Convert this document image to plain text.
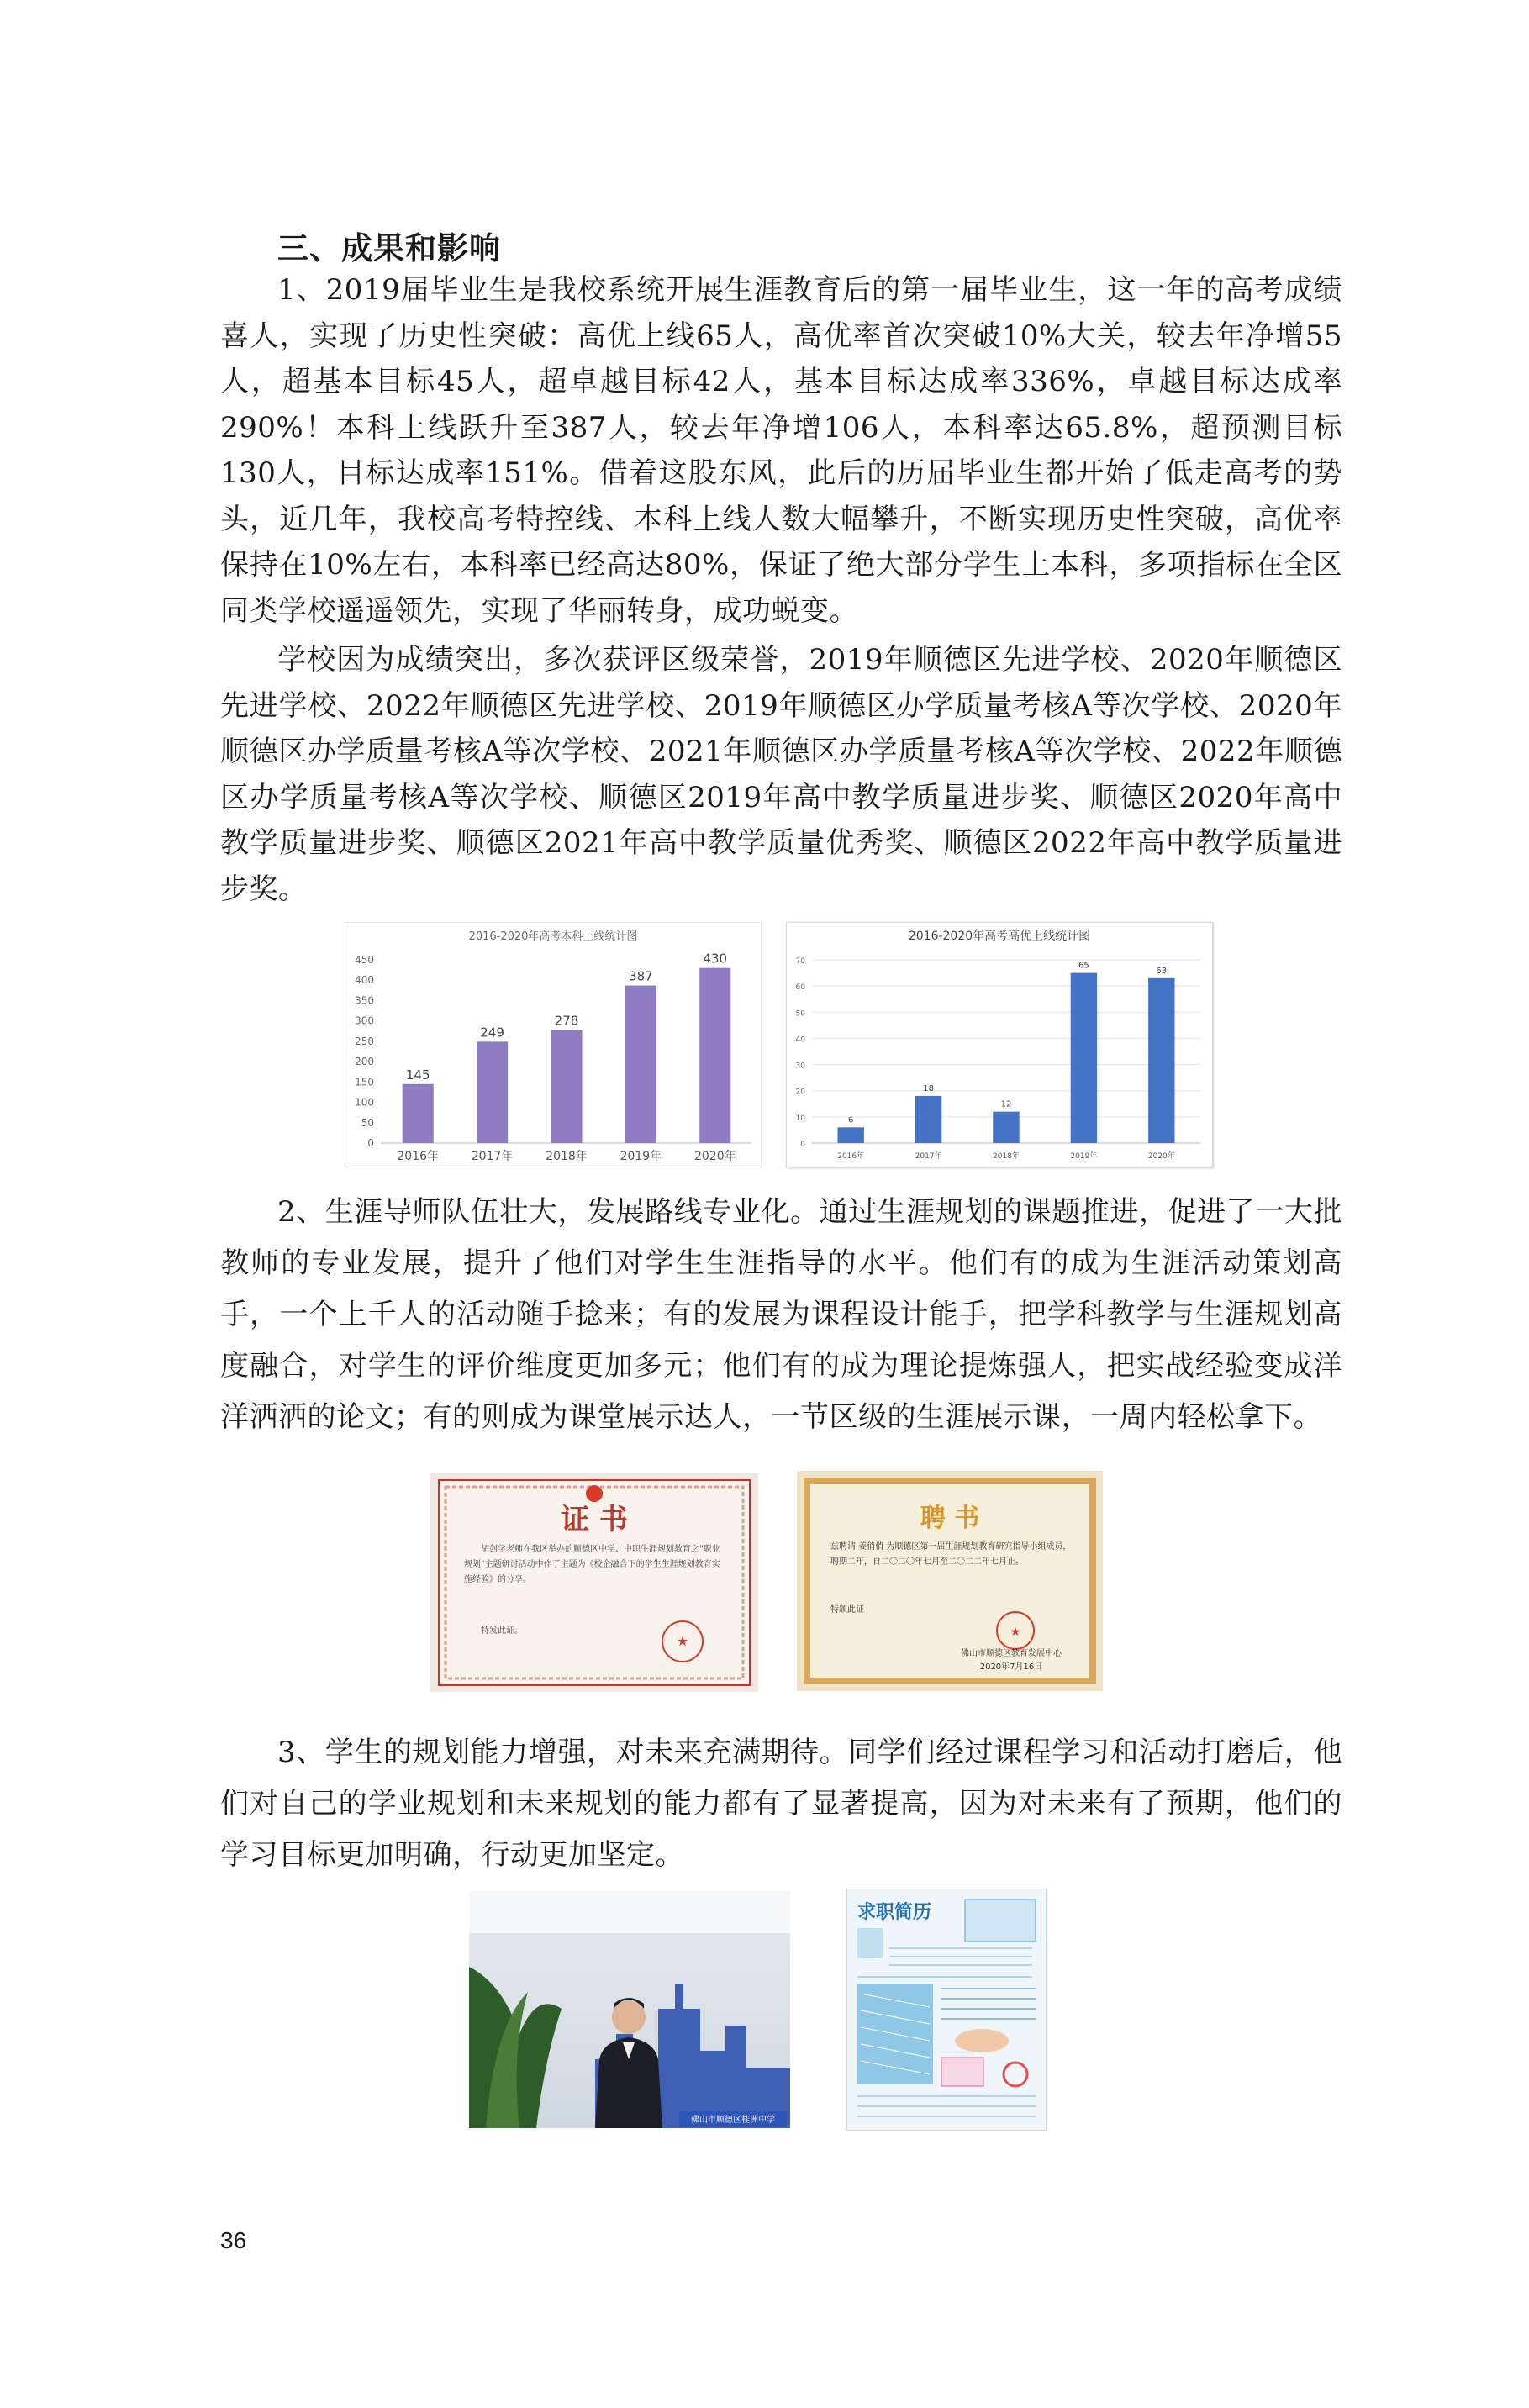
三、成果和影响

1、2019届毕业生是我校系统开展生涯教育后的第一届毕业生，这一年的高考成绩喜人，实现了历史性突破：高优上线65人，高优率首次突破10%大关，较去年净增55人，超基本目标45人，超卓越目标42人，基本目标达成率336%，卓越目标达成率290%！本科上线跃升至387人，较去年净增106人，本科率达65.8%，超预测目标130人，目标达成率151%。借着这股东风，此后的历届毕业生都开始了低走高考的势头，近几年，我校高考特控线、本科上线人数大幅攀升，不断实现历史性突破，高优率保持在10%左右，本科率已经高达80%，保证了绝大部分学生上本科，多项指标在全区同类学校遥遥领先，实现了华丽转身，成功蜕变。

学校因为成绩突出，多次获评区级荣誉，2019年顺德区先进学校、2020年顺德区先进学校、2022年顺德区先进学校、2019年顺德区办学质量考核A等次学校、2020年顺德区办学质量考核A等次学校、2021年顺德区办学质量考核A等次学校、2022年顺德区办学质量考核A等次学校、顺德区2019年高中教学质量进步奖、顺德区2020年高中教学质量进步奖、顺德区2021年高中教学质量优秀奖、顺德区2022年高中教学质量进步奖。

2016-2020年高考本科上线统计图
450
400
350
300
250
200
150
100
50
0
145
2016年
249
2017年
278
2018年
387
2019年
430
2020年
2016-2020年高考高优上线统计图
70
60
50
40
30
20
10
0
6
2016年
18
2017年
12
2018年
65
2019年
63
2020年

2、生涯导师队伍壮大，发展路线专业化。通过生涯规划的课题推进，促进了一大批教师的专业发展，提升了他们对学生生涯指导的水平。他们有的成为生涯活动策划高手，一个上千人的活动随手捻来；有的发展为课程设计能手，把学科教学与生涯规划高度融合，对学生的评价维度更加多元；他们有的成为理论提炼强人，把实战经验变成洋洋洒洒的论文；有的则成为课堂展示达人，一节区级的生涯展示课，一周内轻松拿下。

证 书
胡剑学老师在我区举办的顺德区中学、中职生涯规划教育之"职业规划"主题研讨活动中作了主题为《校企融合下的学生生涯规划教育实施经验》的分享。
特发此证。
★
聘 书
兹聘请 姜俏俏 为顺德区第一届生涯规划教育研究指导小组成员，聘期二年，自二〇二〇年七月至二〇二二年七月止。
特颁此证
★
佛山市顺德区教育发展中心
2020年7月16日

3、学生的规划能力增强，对未来充满期待。同学们经过课程学习和活动打磨后，他们对自己的学业规划和未来规划的能力都有了显著提高，因为对未来有了预期，他们的学习目标更加明确，行动更加坚定。

佛山市顺德区桂洲中学
求职简历
36
